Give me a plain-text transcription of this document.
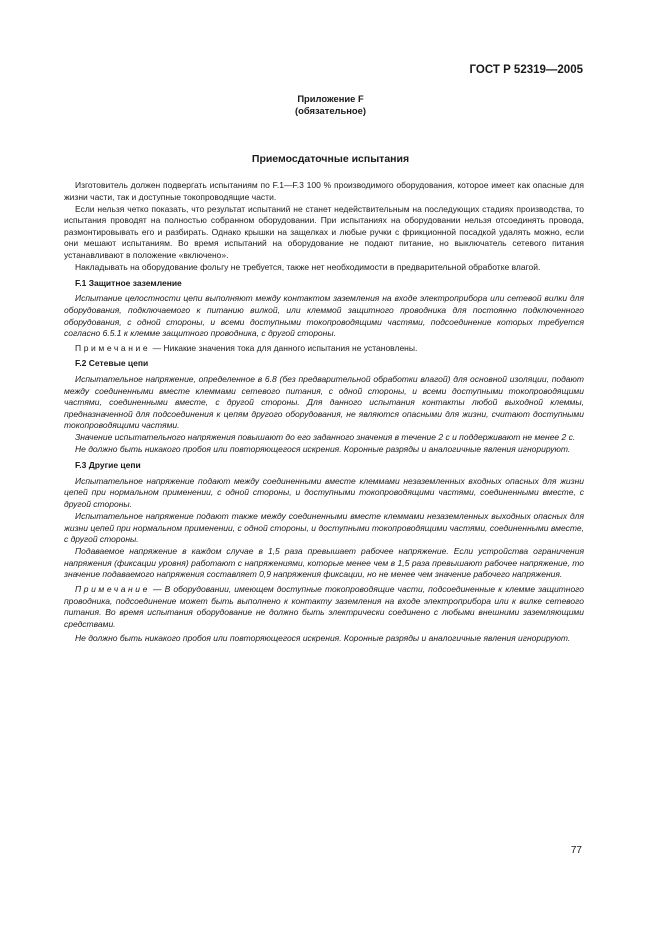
ГОСТ Р 52319—2005
Приложение F
(обязательное)
Приемосдаточные испытания

Изготовитель должен подвергать испытаниям по F.1—F.3 100 % производимого оборудования, которое имеет как опасные для жизни части, так и доступные токопроводящие части.

Если нельзя четко показать, что результат испытаний не станет недействительным на последующих стадиях производства, то испытания проводят на полностью собранном оборудовании. При испытаниях на оборудовании нельзя отсоединять провода, размонтировывать его и разбирать. Однако крышки на защелках и любые ручки с фрикционной посадкой удалять можно, если они мешают испытаниям. Во время испытаний на оборудование не подают питание, но выключатель сетевого питания устанавливают в положение «включено».

Накладывать на оборудование фольгу не требуется, также нет необходимости в предварительной обработке влагой.

F.1 Защитное заземление

Испытание целостности цепи выполняют между контактом заземления на входе электроприбора или сетевой вилки для оборудования, подключаемого к питанию вилкой, или клеммой защитного проводника для постоянно подключенного оборудования, с одной стороны, и всеми доступными токопроводящими частями, подсоединение которых требуется согласно 6.5.1 к клемме защитного проводника, с другой стороны.

Примечание — Никакие значения тока для данного испытания не установлены.

F.2 Сетевые цепи

Испытательное напряжение, определенное в 6.8 (без предварительной обработки влагой) для основной изоляции, подают между соединенными вместе клеммами сетевого питания, с одной стороны, и всеми доступными токопроводящими частями, соединенными вместе, с другой стороны. Для данного испытания контакты любой выходной клеммы, предназначенной для подсоединения к цепям другого оборудования, не являются опасными для жизни, считают доступными токопроводящими частями.

Значение испытательного напряжения повышают до его заданного значения в течение 2 с и поддерживают не менее 2 с.

Не должно быть никакого пробоя или повторяющегося искрения. Коронные разряды и аналогичные явления игнорируют.

F.3 Другие цепи

Испытательное напряжение подают между соединенными вместе клеммами незаземленных входных опасных для жизни цепей при нормальном применении, с одной стороны, и доступными токопроводящими частями, соединенными вместе, с другой стороны.

Испытательное напряжение подают также между соединенными вместе клеммами незаземленных выходных опасных для жизни цепей при нормальном применении, с одной стороны, и доступными токопроводящими частями, соединенными вместе, с другой стороны.

Подаваемое напряжение в каждом случае в 1,5 раза превышает рабочее напряжение. Если устройства ограничения напряжения (фиксации уровня) работают с напряжениями, которые менее чем в 1,5 раза превышают рабочее напряжение, то значение подаваемого напряжения составляет 0,9 напряжения фиксации, но не менее чем значение рабочего напряжения.

Примечание — В оборудовании, имеющем доступные токопроводящие части, подсоединенные к клемме защитного проводника, подсоединение может быть выполнено к контакту заземления на входе электроприбора или к вилке сетевого питания. Во время испытания оборудование не должно быть электрически соединено с любыми внешними заземляющими средствами.

Не должно быть никакого пробоя или повторяющегося искрения. Коронные разряды и аналогичные явления игнорируют.

77
